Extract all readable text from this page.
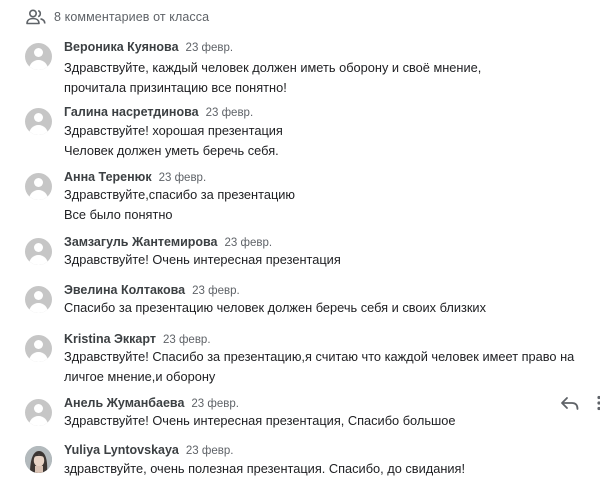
8 комментариев от класса
Вероника Куянова 23 февр.
Здравствуйте, каждый человек должен иметь оборону и своё мнение, прочитала призинтацию все понятно!
Галина насретдинова 23 февр.
Здравствуйте! хорошая презентация
Человек должен уметь беречь себя.
Анна Теренюк 23 февр.
Здравствуйте,спасибо за презентацию
Все было понятно
Замзагуль Жантемирова 23 февр.
Здравствуйте! Очень интересная презентация
Эвелина Колтакова 23 февр.
Спасибо за презентацию человек должен беречь себя и своих близких
Kristina Эккарт 23 февр.
Здравствуйте! Спасибо за презентацию,я считаю что каждой человек имеет право на личгое мнение,и оборону
Анель Жуманбаева 23 февр.
Здравствуйте! Очень интересная презентация, Спасибо большое
Yuliya Lyntovskaya 23 февр.
здравствуйте, очень полезная презентация. Спасибо, до свидания!
